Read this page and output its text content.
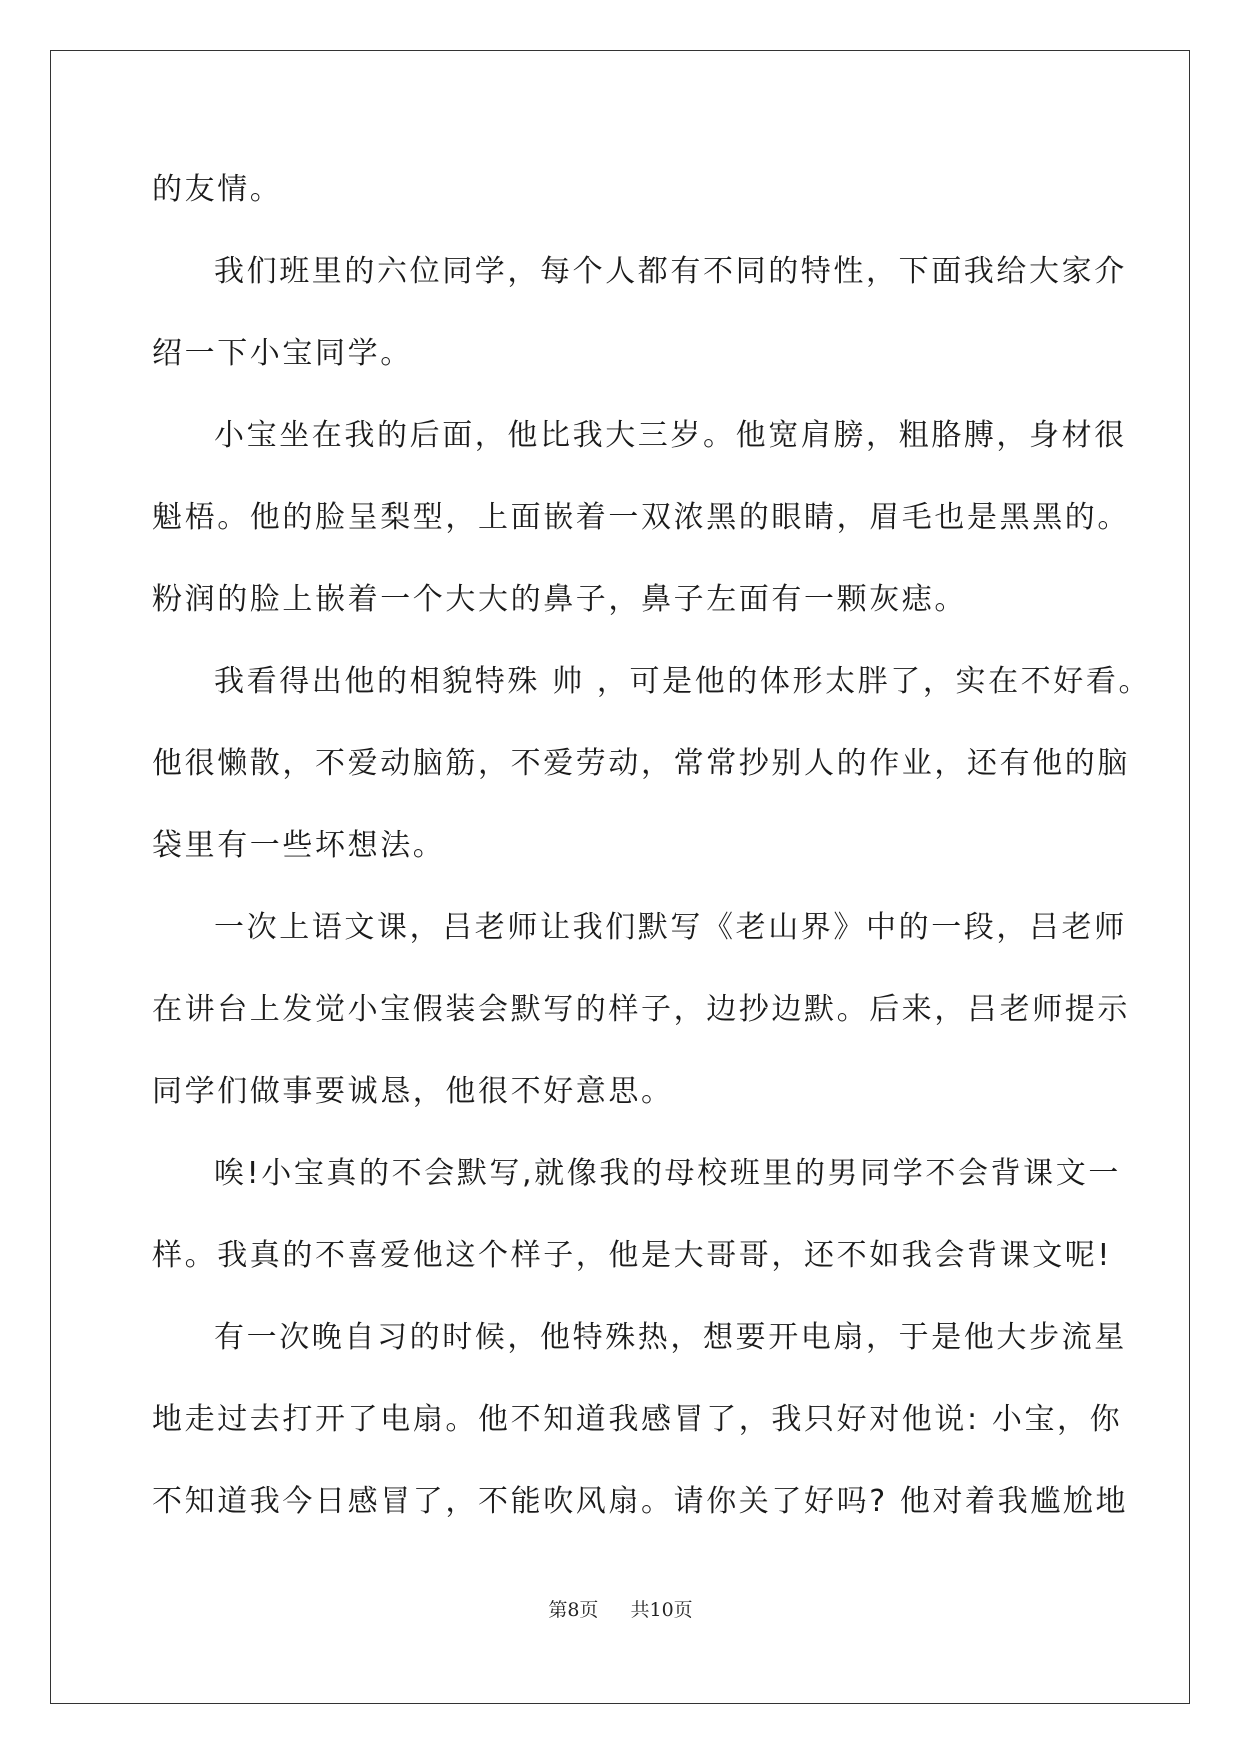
的友情。
我们班里的六位同学，每个人都有不同的特性，下面我给大家介
绍一下小宝同学。
小宝坐在我的后面，他比我大三岁。他宽肩膀，粗胳膊，身材很
魁梧。他的脸呈梨型，上面嵌着一双浓黑的眼睛，眉毛也是黑黑的。
粉润的脸上嵌着一个大大的鼻子，鼻子左面有一颗灰痣。
我看得出他的相貌特殊 帅 ，可是他的体形太胖了，实在不好看。
他很懒散，不爱动脑筋，不爱劳动，常常抄别人的作业，还有他的脑
袋里有一些坏想法。
一次上语文课，吕老师让我们默写《老山界》中的一段，吕老师
在讲台上发觉小宝假装会默写的样子，边抄边默。后来，吕老师提示
同学们做事要诚恳，他很不好意思。
唉!小宝真的不会默写,就像我的母校班里的男同学不会背课文一
样。我真的不喜爱他这个样子，他是大哥哥，还不如我会背课文呢!
有一次晚自习的时候，他特殊热，想要开电扇，于是他大步流星
地走过去打开了电扇。他不知道我感冒了，我只好对他说: 小宝，你
不知道我今日感冒了，不能吹风扇。请你关了好吗? 他对着我尴尬地
第8页 共10页
